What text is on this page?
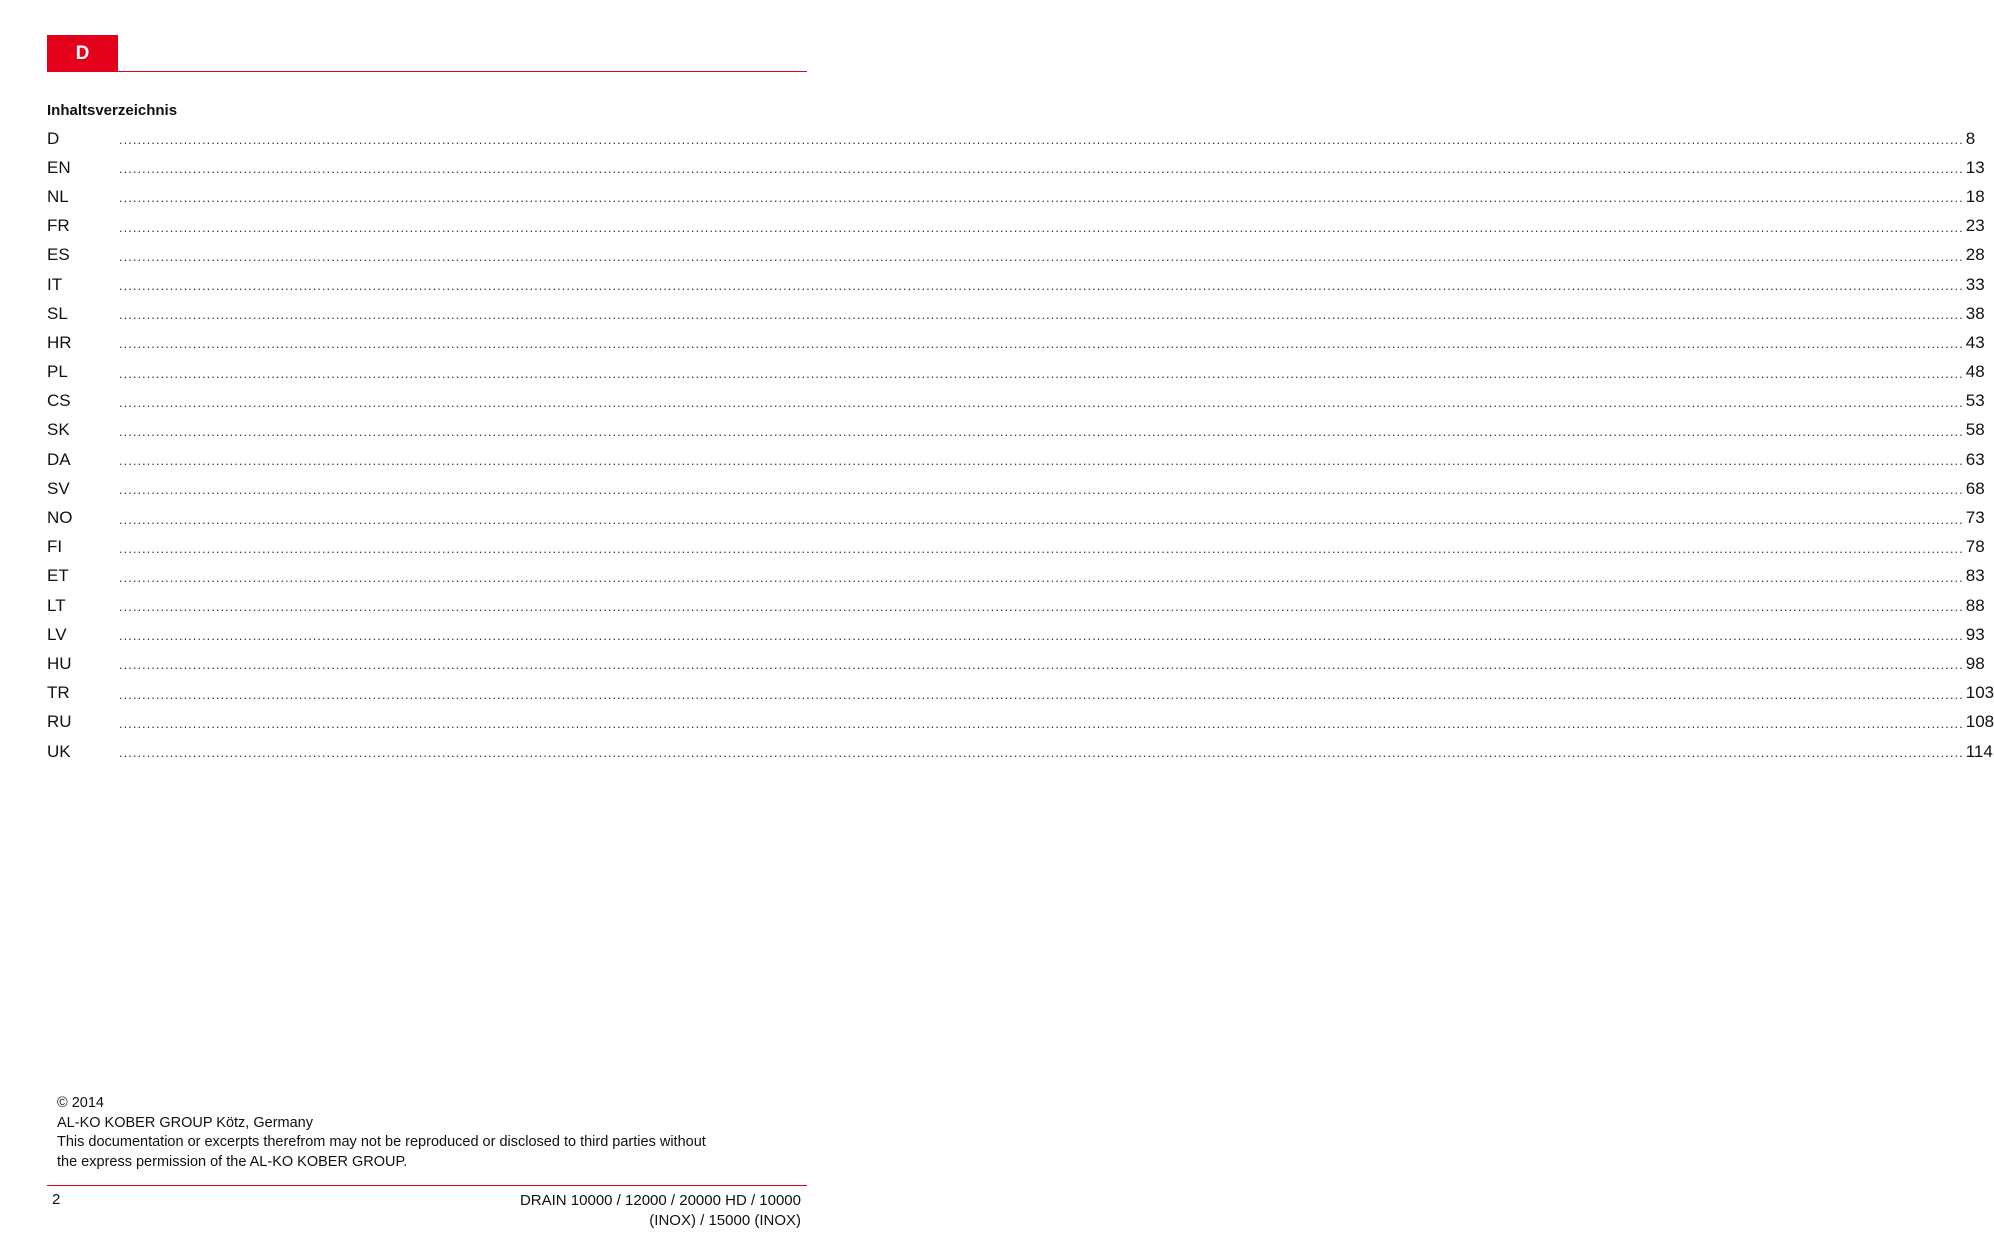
D
Inhaltsverzeichnis
D	................................................................................................................................................................................................................................................................................................................................................................................................................ 8
EN	................................................................................................................................................................................................................................................................................................................................................................................................................ 13
NL	................................................................................................................................................................................................................................................................................................................................................................................................................ 18
FR	................................................................................................................................................................................................................................................................................................................................................................................................................ 23
ES	................................................................................................................................................................................................................................................................................................................................................................................................................ 28
IT	................................................................................................................................................................................................................................................................................................................................................................................................................ 33
SL	................................................................................................................................................................................................................................................................................................................................................................................................................ 38
HR	................................................................................................................................................................................................................................................................................................................................................................................................................ 43
PL	................................................................................................................................................................................................................................................................................................................................................................................................................ 48
CS	................................................................................................................................................................................................................................................................................................................................................................................................................ 53
SK	................................................................................................................................................................................................................................................................................................................................................................................................................ 58
DA	................................................................................................................................................................................................................................................................................................................................................................................................................ 63
SV	................................................................................................................................................................................................................................................................................................................................................................................................................ 68
NO	................................................................................................................................................................................................................................................................................................................................................................................................................ 73
FI	................................................................................................................................................................................................................................................................................................................................................................................................................ 78
ET	................................................................................................................................................................................................................................................................................................................................................................................................................ 83
LT	................................................................................................................................................................................................................................................................................................................................................................................................................ 88
LV	................................................................................................................................................................................................................................................................................................................................................................................................................ 93
HU	................................................................................................................................................................................................................................................................................................................................................................................................................ 98
TR	................................................................................................................................................................................................................................................................................................................................................................................................................ 103
RU	................................................................................................................................................................................................................................................................................................................................................................................................................ 108
UK	................................................................................................................................................................................................................................................................................................................................................................................................................ 114

© 2014

AL-KO KOBER GROUP Kötz, Germany

This documentation or excerpts therefrom may not be reproduced or disclosed to third parties without

the express permission of the AL-KO KOBER GROUP.

2	DRAIN 10000 / 12000 / 20000 HD / 10000
(INOX) / 15000 (INOX)
